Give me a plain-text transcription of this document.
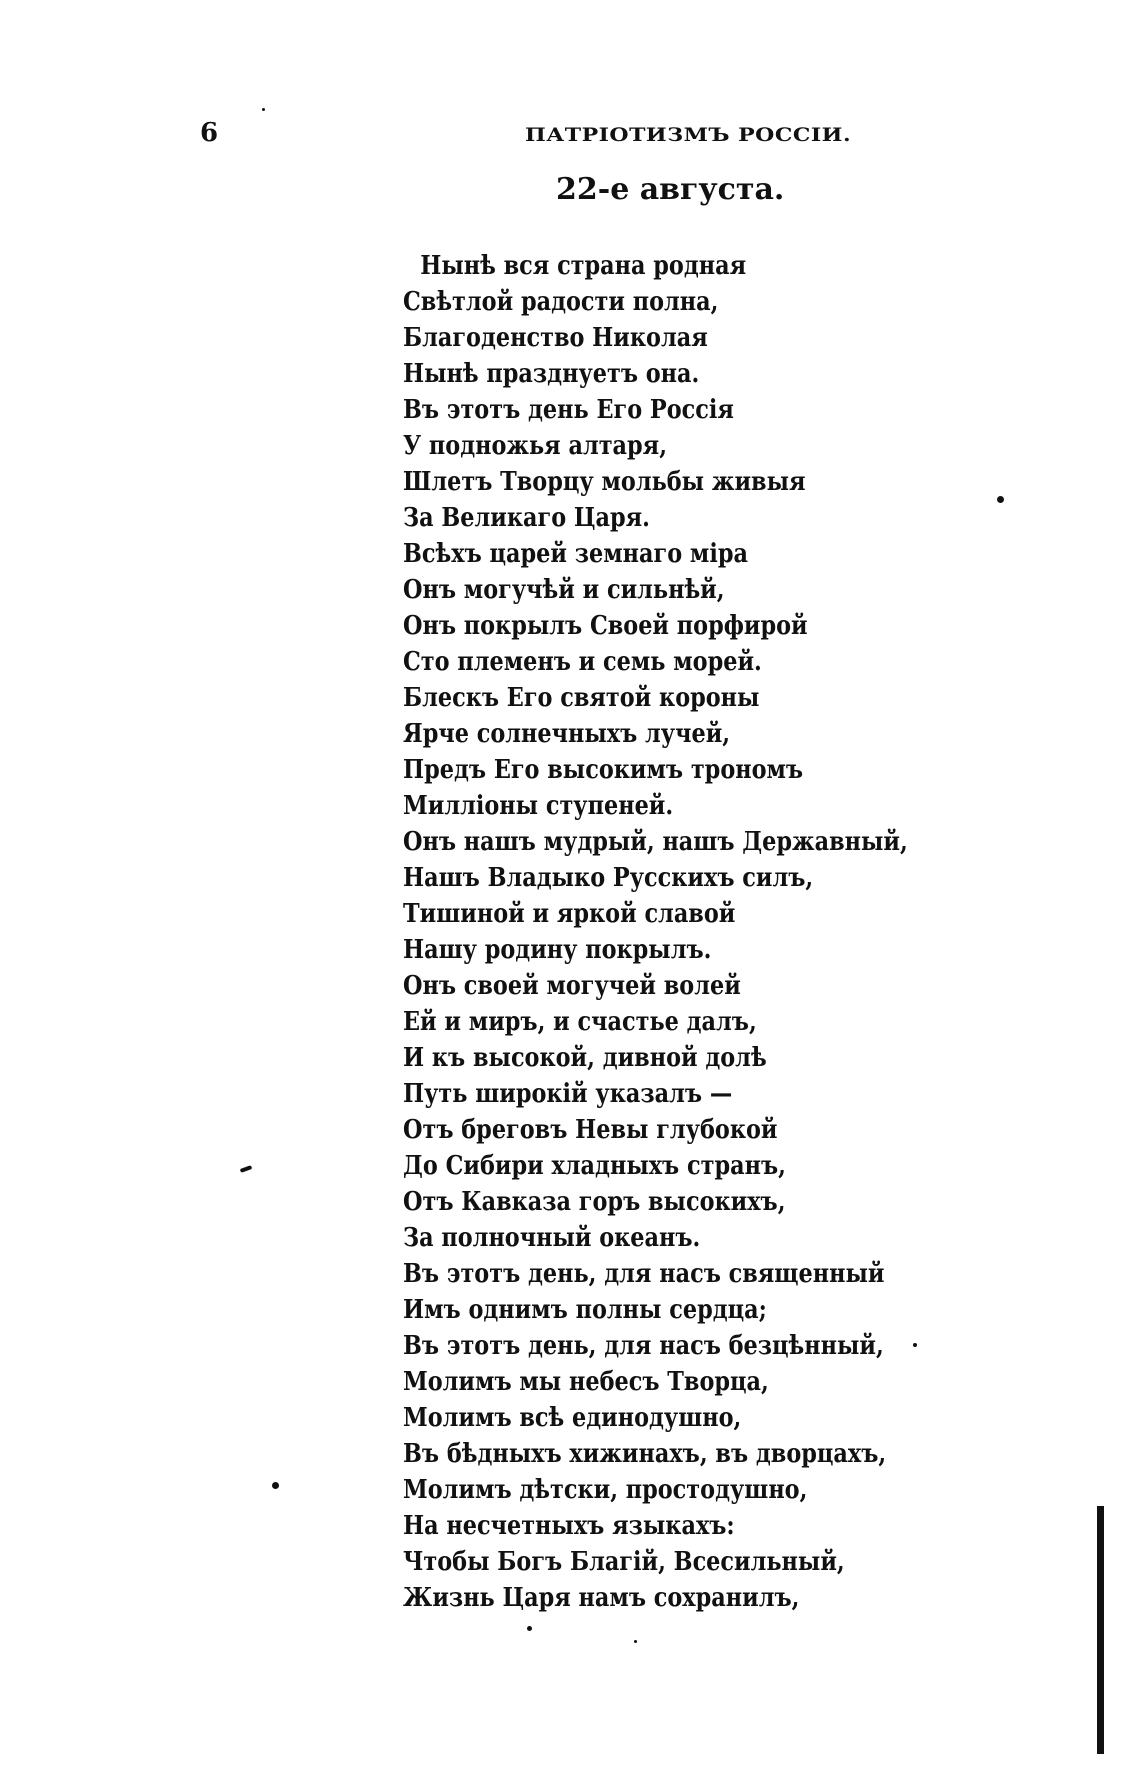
6	ПАТРІОТИЗМЪ РОССІИ.
22-е августа.
Нынѣ вся страна родная
Свѣтлой радости полна,
Благоденство Николая
Нынѣ празднуетъ она.
Въ этотъ день Его Россія
У подножья алтаря,
Шлетъ Творцу мольбы живыя
За Великаго Царя.
Всѣхъ царей земнаго міра
Онъ могучѣй и сильнѣй,
Онъ покрылъ Своей порфирой
Сто племенъ и семь морей.
Блескъ Его святой короны
Ярче солнечныхъ лучей,
Предъ Его высокимъ трономъ
Милліоны ступеней.
Онъ нашъ мудрый, нашъ Державный,
Нашъ Владыко Русскихъ силъ,
Тишиной и яркой славой
Нашу родину покрылъ.
Онъ своей могучей волей
Ей и миръ, и счастье далъ,
И къ высокой, дивной долѣ
Путь широкій указалъ —
Отъ бреговъ Невы глубокой
До Сибири хладныхъ странъ,
Отъ Кавказа горъ высокихъ,
За полночный океанъ.
Въ этотъ день, для насъ священный
Имъ однимъ полны сердца;
Въ этотъ день, для насъ безцѣнный,
Молимъ мы небесъ Творца,
Молимъ всѣ единодушно,
Въ бѣдныхъ хижинахъ, въ дворцахъ,
Молимъ дѣтски, простодушно,
На несчетныхъ языкахъ:
Чтобы Богъ Благій, Всесильный,
Жизнь Царя намъ сохранилъ,
